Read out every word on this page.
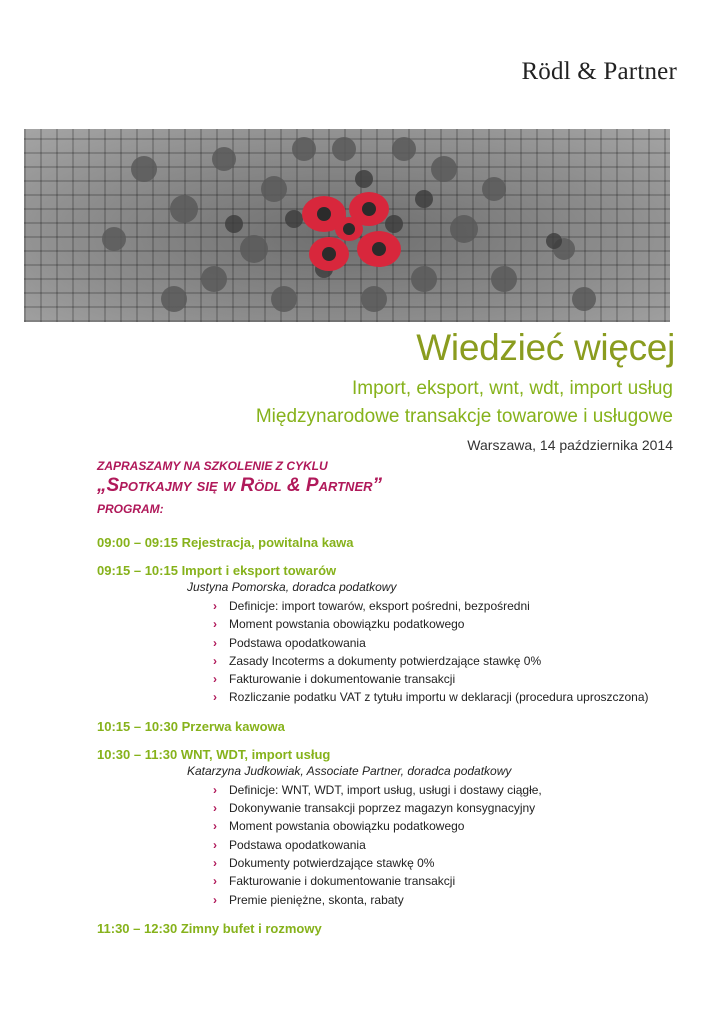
Rödl & Partner
Wiedzieć więcej
Import, eksport, wnt, wdt, import usług
Międzynarodowe transakcje towarowe i usługowe
Warszawa, 14 października 2014
ZAPRASZAMY NA SZKOLENIE Z CYKLU
„Spotkajmy się w Rödl & Partner”
PROGRAM:
09:00 – 09:15 Rejestracja, powitalna kawa
09:15 – 10:15 Import i eksport towarów
Justyna Pomorska, doradca podatkowy
›	Definicje: import towarów, eksport pośredni, bezpośredni
›	Moment powstania obowiązku podatkowego
›	Podstawa opodatkowania
›	Zasady Incoterms a dokumenty potwierdzające stawkę 0%
›	Fakturowanie i dokumentowanie transakcji
›	Rozliczanie podatku VAT z tytułu importu w deklaracji (procedura uproszczona)
10:15 – 10:30 Przerwa kawowa
10:30 – 11:30 WNT, WDT, import usług
Katarzyna Judkowiak, Associate Partner, doradca podatkowy
›	Definicje: WNT, WDT, import usług, usługi i dostawy ciągłe,
›	Dokonywanie transakcji poprzez magazyn konsygnacyjny
›	Moment powstania obowiązku podatkowego
›	Podstawa opodatkowania
›	Dokumenty potwierdzające stawkę 0%
›	Fakturowanie i dokumentowanie transakcji
›	Premie pieniężne, skonta, rabaty
11:30 – 12:30 Zimny bufet i rozmowy
